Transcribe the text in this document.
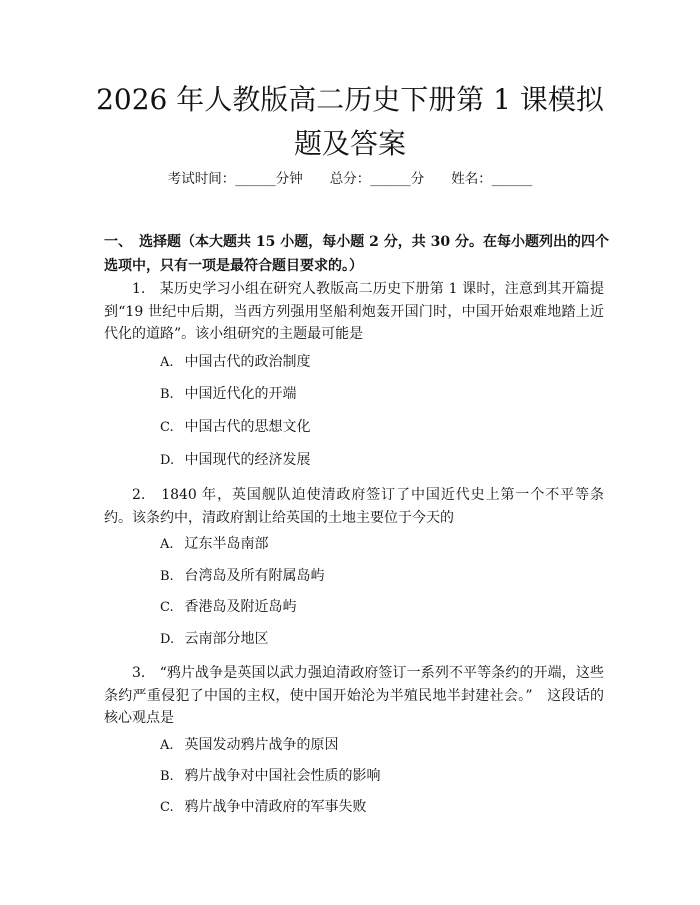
2026 年人教版高二历史下册第 1 课模拟题及答案
考试时间：______分钟　　总分：______分　　姓名：______

一、　选择题（本大题共 15 小题，每小题 2 分，共 30 分。在每小题列出的四个选项中，只有一项是最符合题目要求的。）

1.　某历史学习小组在研究人教版高二历史下册第 1 课时，注意到其开篇提到“19 世纪中后期，当西方列强用坚船利炮轰开国门时，中国开始艰难地踏上近代化的道路”。该小组研究的主题最可能是

A. 中国古代的政治制度
B. 中国近代化的开端
C. 中国古代的思想文化
D. 中国现代的经济发展

2.　1840 年，英国舰队迫使清政府签订了中国近代史上第一个不平等条约。该条约中，清政府割让给英国的土地主要位于今天的

A. 辽东半岛南部
B. 台湾岛及所有附属岛屿
C. 香港岛及附近岛屿
D. 云南部分地区

3.　“鸦片战争是英国以武力强迫清政府签订一系列不平等条约的开端，这些条约严重侵犯了中国的主权，使中国开始沦为半殖民地半封建社会。”　这段话的核心观点是

A. 英国发动鸦片战争的原因
B. 鸦片战争对中国社会性质的影响
C. 鸦片战争中清政府的军事失败
